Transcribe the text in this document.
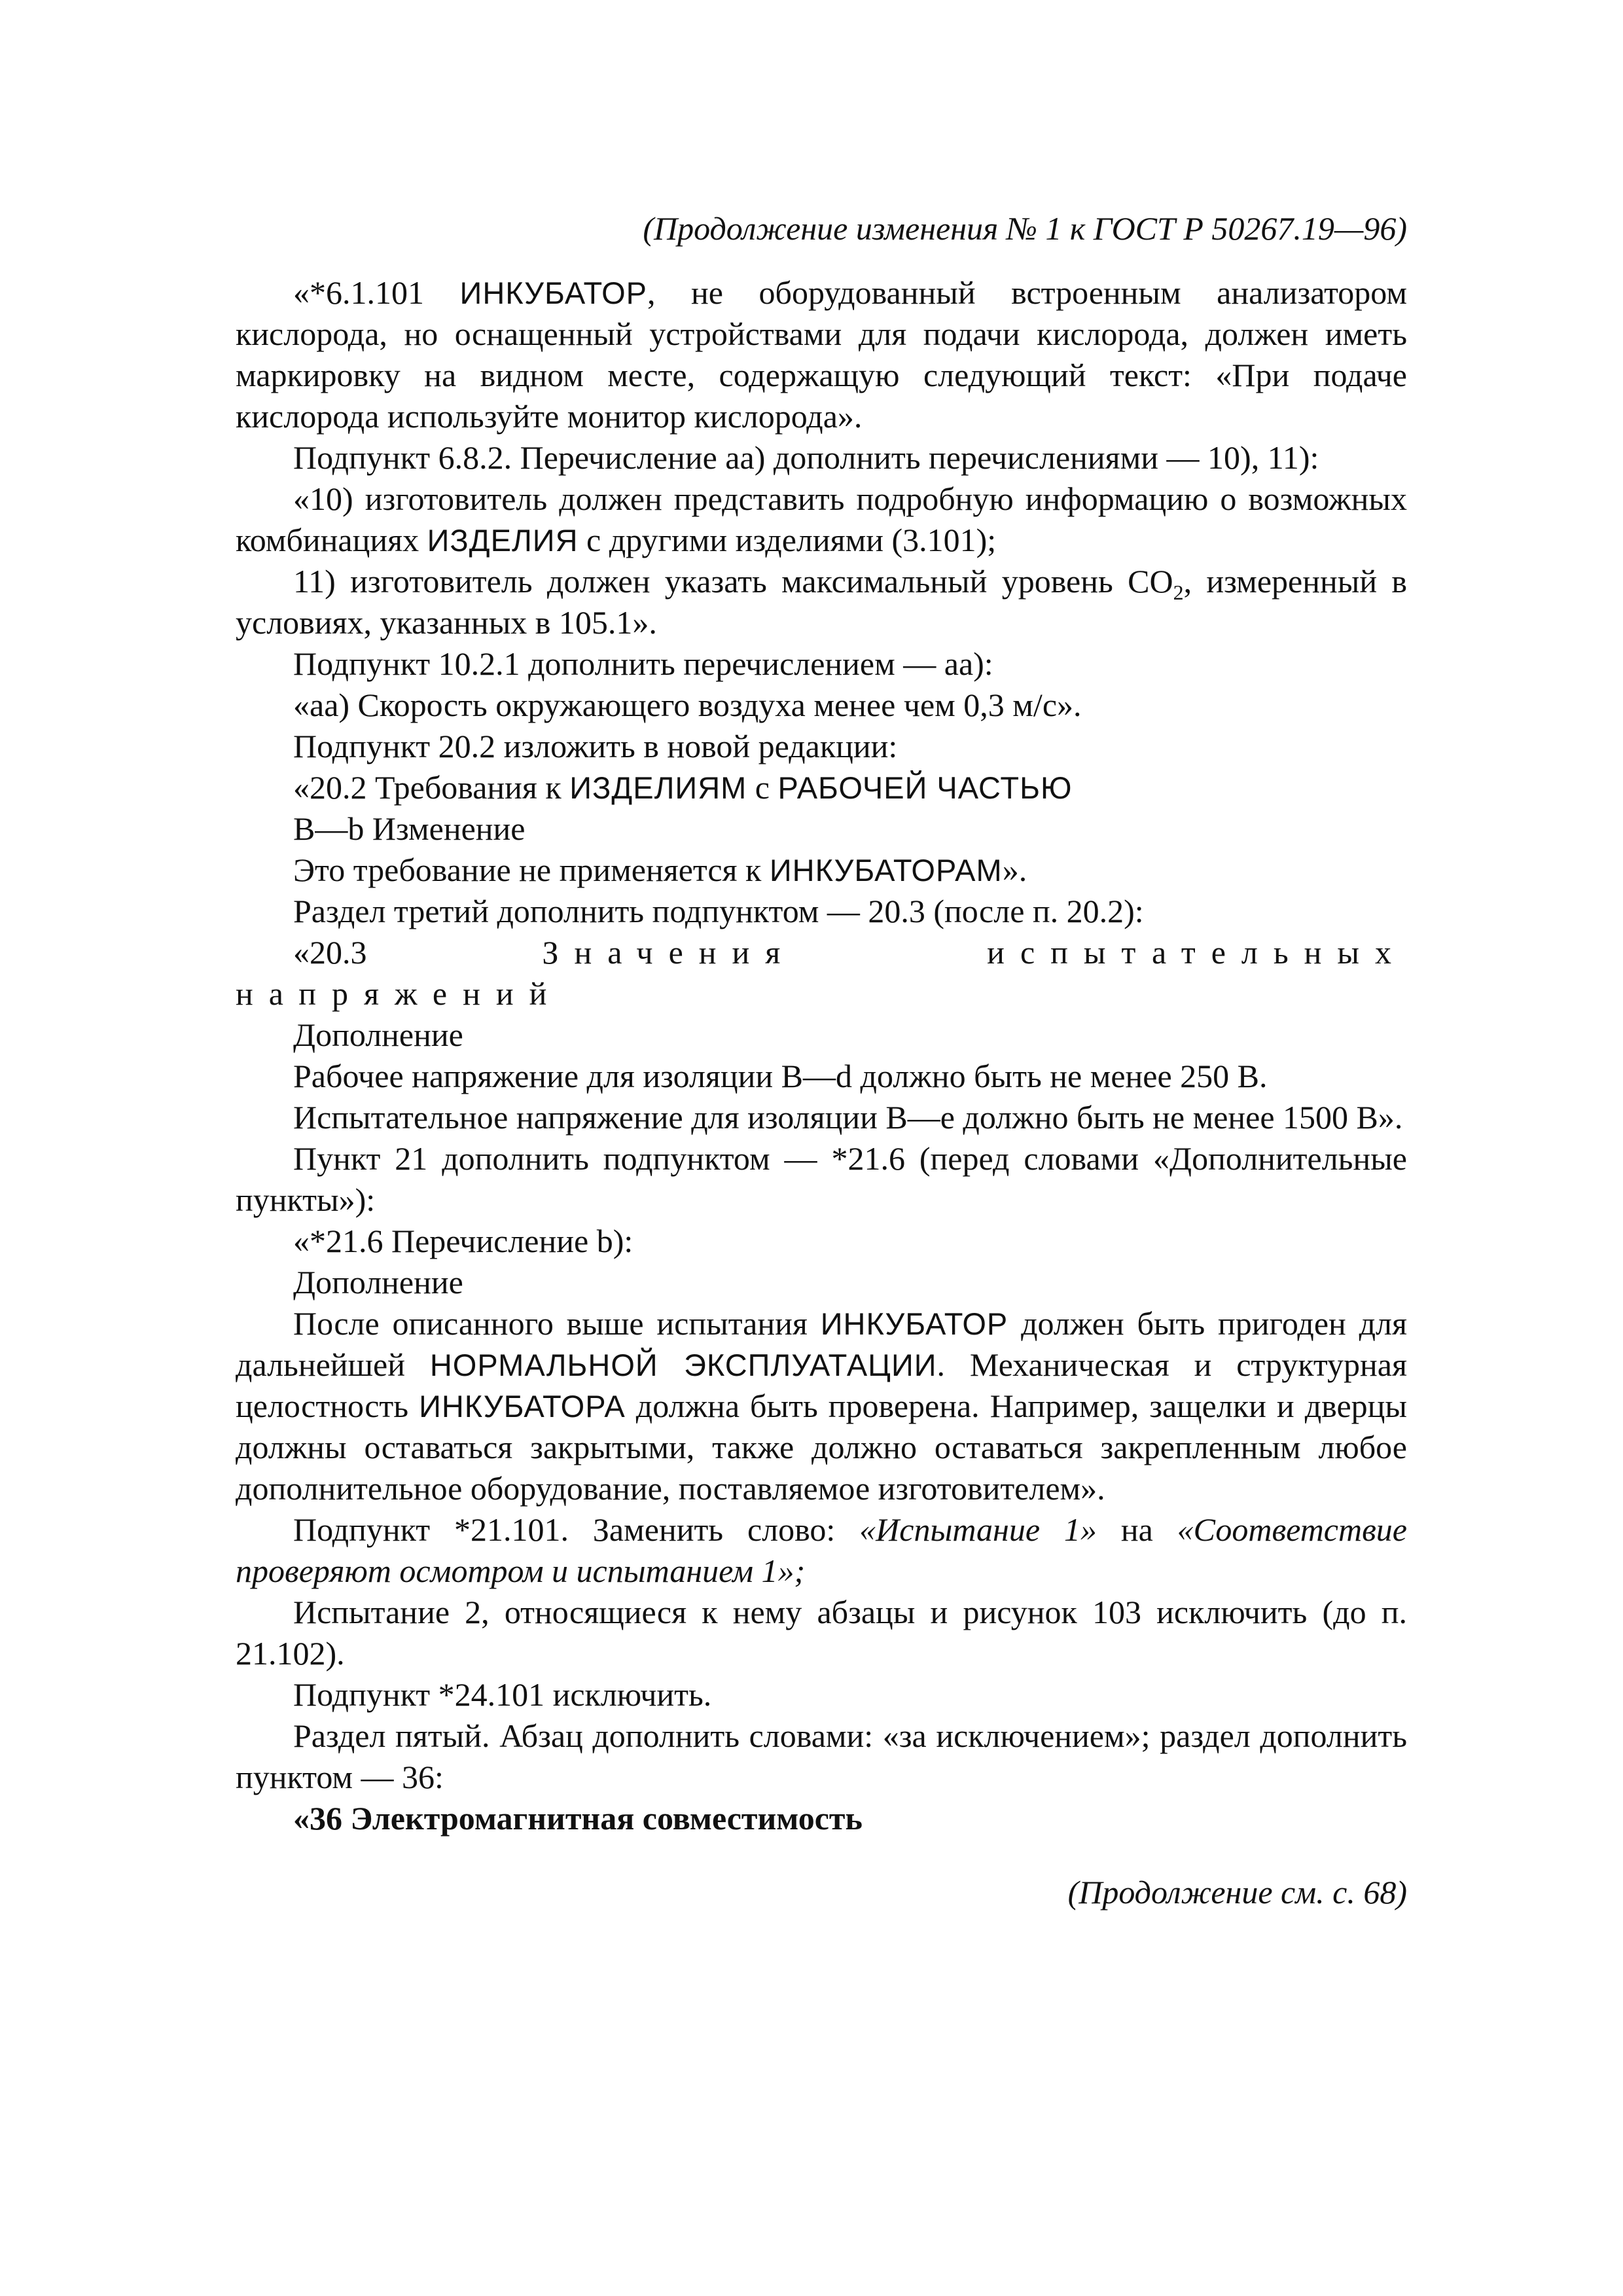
(Продолжение изменения № 1 к ГОСТ Р 50267.19—96)

«*6.1.101 ИНКУБАТОР, не оборудованный встроенным анализатором кислорода, но оснащенный устройствами для подачи кислорода, должен иметь маркировку на видном месте, содержащую следующий текст: «При подаче кислорода используйте монитор кислорода».

Подпункт 6.8.2. Перечисление аа) дополнить перечислениями — 10), 11):

«10) изготовитель должен представить подробную информацию о возможных комбинациях ИЗДЕЛИЯ с другими изделиями (3.101);

11) изготовитель должен указать максимальный уровень $CO_2$, измеренный в условиях, указанных в 105.1».

Подпункт 10.2.1 дополнить перечислением — аа):

«аа) Скорость окружающего воздуха менее чем 0,3 м/с».

Подпункт 20.2 изложить в новой редакции:

«20.2 Требования к ИЗДЕЛИЯМ с РАБОЧЕЙ ЧАСТЬЮ

B—b Изменение

Это требование не применяется к ИНКУБАТОРАМ».

Раздел третий дополнить подпунктом — 20.3 (после п. 20.2):

«20.3 Значения испытательных напряжений

Дополнение

Рабочее напряжение для изоляции B—d должно быть не менее 250 В.

Испытательное напряжение для изоляции B—e должно быть не менее 1500 В».

Пункт 21 дополнить подпунктом — *21.6 (перед словами «Дополнительные пункты»):

«*21.6 Перечисление b):

Дополнение

После описанного выше испытания ИНКУБАТОР должен быть пригоден для дальнейшей НОРМАЛЬНОЙ ЭКСПЛУАТАЦИИ. Механическая и структурная целостность ИНКУБАТОРА должна быть проверена. Например, защелки и дверцы должны оставаться закрытыми, также должно оставаться закрепленным любое дополнительное оборудование, поставляемое изготовителем».

Подпункт *21.101. Заменить слово: «Испытание 1» на «Соответствие проверяют осмотром и испытанием 1»;

Испытание 2, относящиеся к нему абзацы и рисунок 103 исключить (до п. 21.102).

Подпункт *24.101 исключить.

Раздел пятый. Абзац дополнить словами: «за исключением»; раздел дополнить пунктом — 36:

«36 Электромагнитная совместимость

(Продолжение см. с. 68)
